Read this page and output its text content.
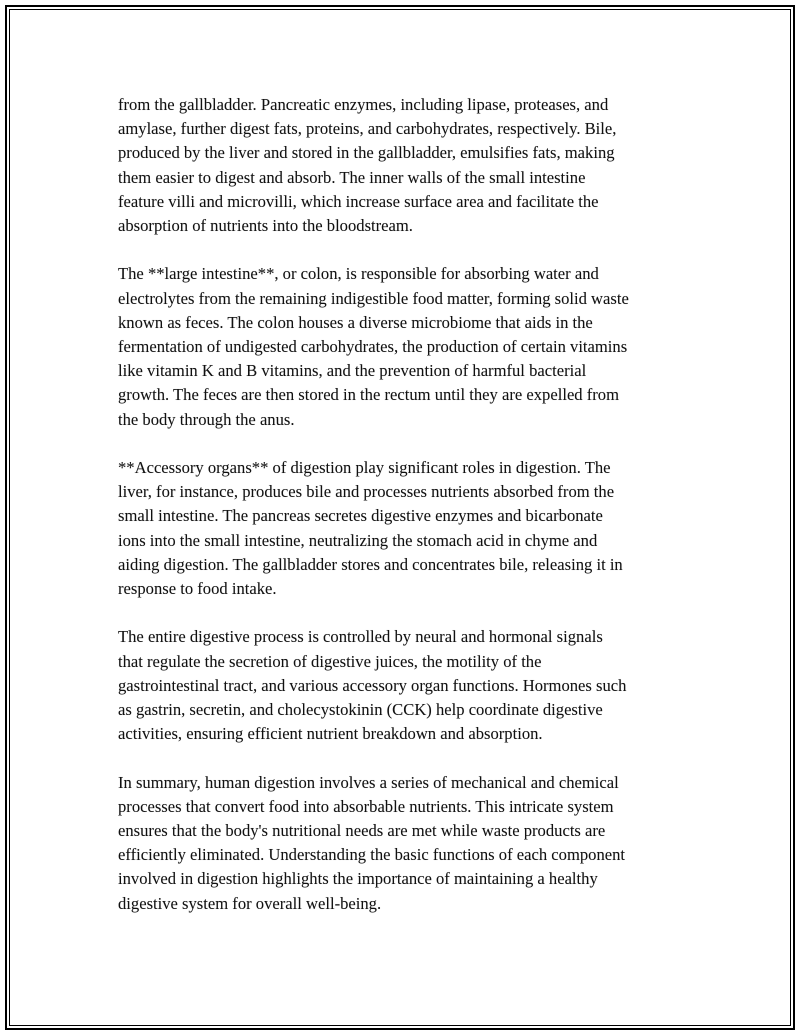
from the gallbladder. Pancreatic enzymes, including lipase, proteases, and
amylase, further digest fats, proteins, and carbohydrates, respectively. Bile,
produced by the liver and stored in the gallbladder, emulsifies fats, making
them easier to digest and absorb. The inner walls of the small intestine
feature villi and microvilli, which increase surface area and facilitate the
absorption of nutrients into the bloodstream.

The **large intestine**, or colon, is responsible for absorbing water and
electrolytes from the remaining indigestible food matter, forming solid waste
known as feces. The colon houses a diverse microbiome that aids in the
fermentation of undigested carbohydrates, the production of certain vitamins
like vitamin K and B vitamins, and the prevention of harmful bacterial
growth. The feces are then stored in the rectum until they are expelled from
the body through the anus.

**Accessory organs** of digestion play significant roles in digestion. The
liver, for instance, produces bile and processes nutrients absorbed from the
small intestine. The pancreas secretes digestive enzymes and bicarbonate
ions into the small intestine, neutralizing the stomach acid in chyme and
aiding digestion. The gallbladder stores and concentrates bile, releasing it in
response to food intake.

The entire digestive process is controlled by neural and hormonal signals
that regulate the secretion of digestive juices, the motility of the
gastrointestinal tract, and various accessory organ functions. Hormones such
as gastrin, secretin, and cholecystokinin (CCK) help coordinate digestive
activities, ensuring efficient nutrient breakdown and absorption.

In summary, human digestion involves a series of mechanical and chemical
processes that convert food into absorbable nutrients. This intricate system
ensures that the body's nutritional needs are met while waste products are
efficiently eliminated. Understanding the basic functions of each component
involved in digestion highlights the importance of maintaining a healthy
digestive system for overall well-being.
